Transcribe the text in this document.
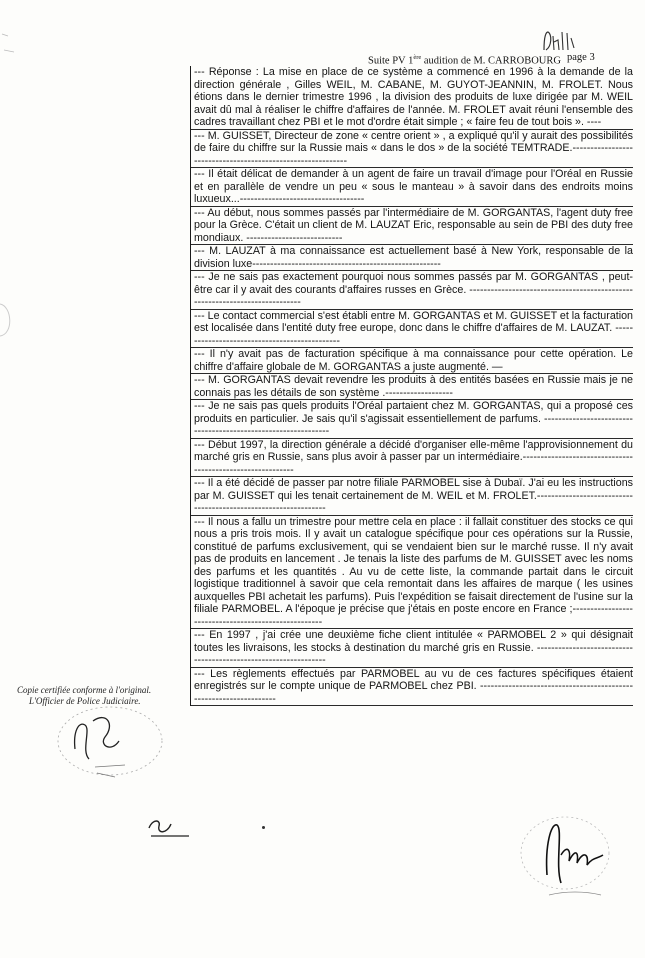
Suite PV 1ère audition de M. CARROBOURG page 3

--- Réponse : La mise en place de ce système a commencé en 1996 à la demande de la direction générale , Gilles WEIL, M. CABANE, M. GUYOT-JEANNIN, M. FROLET. Nous étions dans le dernier trimestre 1996 , la division des produits de luxe dirigée par M. WEIL avait dû mal à réaliser le chiffre d'affaires de l'année. M. FROLET avait réuni l'ensemble des cadres travaillant chez PBI et le mot d'ordre était simple ; « faire feu de tout bois ». ----

--- M. GUISSET, Directeur de zone « centre orient » , a expliqué qu'il y aurait des possibilités de faire du chiffre sur la Russie mais « dans le dos » de la société TEMTRADE.------------------------------------------------------------

--- Il était délicat de demander à un agent de faire un travail d'image pour l'Oréal en Russie et en parallèle de vendre un peu « sous le manteau » à savoir dans des endroits moins luxueux...-----------------------------------

--- Au début, nous sommes passés par l'intermédiaire de M. GORGANTAS, l'agent duty free pour la Grèce. C'était un client de M. LAUZAT Eric, responsable au sein de PBI des duty free mondiaux. ---------------------------

--- M. LAUZAT à ma connaissance est actuellement basé à New York, responsable de la division luxe-----------------------------------------------------

--- Je ne sais pas exactement pourquoi nous sommes passés par M. GORGANTAS , peut-être car il y avait des courants d'affaires russes en Grèce. ----------------------------------------------------------------------------

--- Le contact commercial s'est établi entre M. GORGANTAS et M. GUISSET et la facturation est localisée dans l'entité duty free europe, donc dans le chiffre d'affaires de M. LAUZAT. ----------------------------------------------

--- Il n'y avait pas de facturation spécifique à ma connaissance pour cette opération. Le chiffre d'affaire globale de M. GORGANTAS a juste augmenté. —

--- M. GORGANTAS devait revendre les produits à des entités basées en Russie mais je ne connais pas les détails de son système .-------------------

--- Je ne sais pas quels produits l'Oréal partaient chez M. GORGANTAS, qui a proposé ces produits en particulier. Je sais qu'il s'agissait essentiellement de parfums. ---------------------------------------------------------------

--- Début 1997, la direction générale a décidé d'organiser elle-même l'approvisionnement du marché gris en Russie, sans plus avoir à passer par un intermédiaire.-----------------------------------------------------------

--- Il a été décidé de passer par notre filiale PARMOBEL sise à Dubaï. J'ai eu les instructions par M. GUISSET qui les tenait certainement de M. WEIL et M. FROLET.----------------------------------------------------------------

--- Il nous a fallu un trimestre pour mettre cela en place : il fallait constituer des stocks ce qui nous a pris trois mois. Il y avait un catalogue spécifique pour ces opérations sur la Russie, constitué de parfums exclusivement, qui se vendaient bien sur le marché russe. Il n'y avait pas de produits en lancement . Je tenais la liste des parfums de M. GUISSET avec les noms des parfums et les quantités . Au vu de cette liste, la commande partait dans le circuit logistique traditionnel à savoir que cela remontait dans les affaires de marque ( les usines auxquelles PBI achetait les parfums). Puis l'expédition se faisait directement de l'usine sur la filiale PARMOBEL. A l'époque je précise que j'étais en poste encore en France ;-----------------------------------------------------

--- En 1997 , j'ai crée une deuxième fiche client intitulée « PARMOBEL 2 » qui désignait toutes les livraisons, les stocks à destination du marché gris en Russie. ----------------------------------------------------------------

--- Les règlements effectués par PARMOBEL au vu de ces factures spécifiques étaient enregistrés sur le compte unique de PARMOBEL chez PBI. ------------------------------------------------------------------

Copie certifiée conforme à l'original.
L'Officier de Police Judiciaire.
